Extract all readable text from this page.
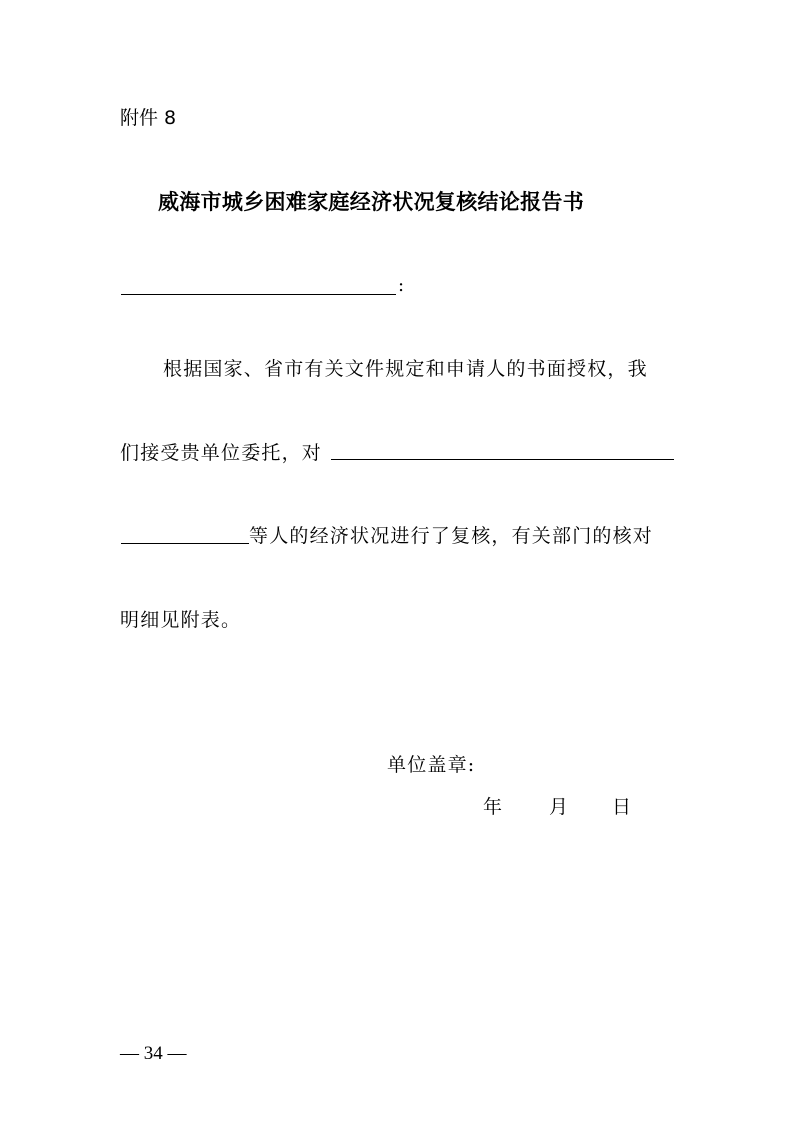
附件 8
威海市城乡困难家庭经济状况复核结论报告书
:
根据国家、省市有关文件规定和申请人的书面授权，我
们接受贵单位委托，对
等人的经济状况进行了复核，有关部门的核对
明细见附表。
单位盖章:
年 月 日
— 34 —
